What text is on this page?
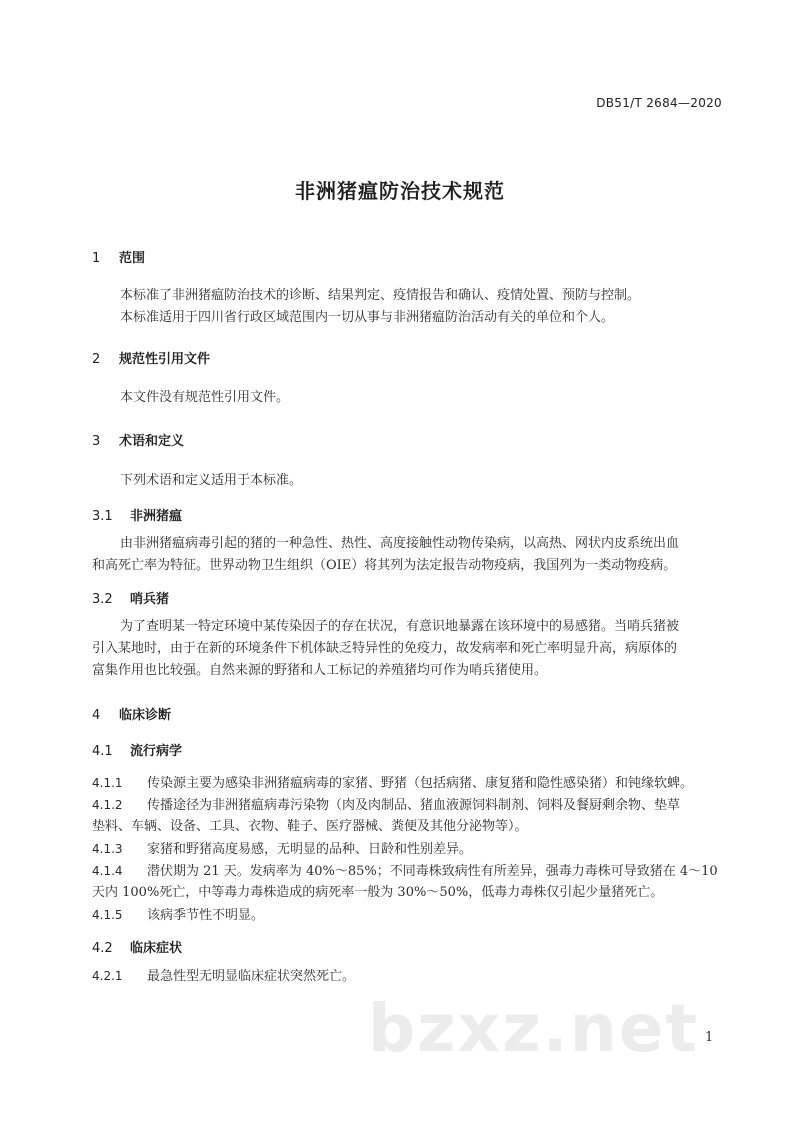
DB51/T 2684—2020
非洲猪瘟防治技术规范
1 范围
本标准了非洲猪瘟防治技术的诊断、结果判定、疫情报告和确认、疫情处置、预防与控制。
本标准适用于四川省行政区域范围内一切从事与非洲猪瘟防治活动有关的单位和个人。
2 规范性引用文件
本文件没有规范性引用文件。
3 术语和定义
下列术语和定义适用于本标准。
3.1 非洲猪瘟
由非洲猪瘟病毒引起的猪的一种急性、热性、高度接触性动物传染病，以高热、网状内皮系统出血
和高死亡率为特征。世界动物卫生组织（OIE）将其列为法定报告动物疫病，我国列为一类动物疫病。
3.2 哨兵猪
为了查明某一特定环境中某传染因子的存在状况，有意识地暴露在该环境中的易感猪。当哨兵猪被
引入某地时，由于在新的环境条件下机体缺乏特异性的免疫力，故发病率和死亡率明显升高，病原体的
富集作用也比较强。自然来源的野猪和人工标记的养殖猪均可作为哨兵猪使用。
4 临床诊断
4.1 流行病学
4.1.1 传染源主要为感染非洲猪瘟病毒的家猪、野猪（包括病猪、康复猪和隐性感染猪）和钝缘软蜱。
4.1.2 传播途径为非洲猪瘟病毒污染物（肉及肉制品、猪血液源饲料制剂、饲料及餐厨剩余物、垫草
垫料、车辆、设备、工具、衣物、鞋子、医疗器械、粪便及其他分泌物等）。
4.1.3 家猪和野猪高度易感，无明显的品种、日龄和性别差异。
4.1.4 潜伏期为 21 天。发病率为 40%～85%；不同毒株致病性有所差异，强毒力毒株可导致猪在 4～10
天内 100%死亡，中等毒力毒株造成的病死率一般为 30%～50%，低毒力毒株仅引起少量猪死亡。
4.1.5 该病季节性不明显。
4.2 临床症状
4.2.1 最急性型无明显临床症状突然死亡。
bzxz.net 1
